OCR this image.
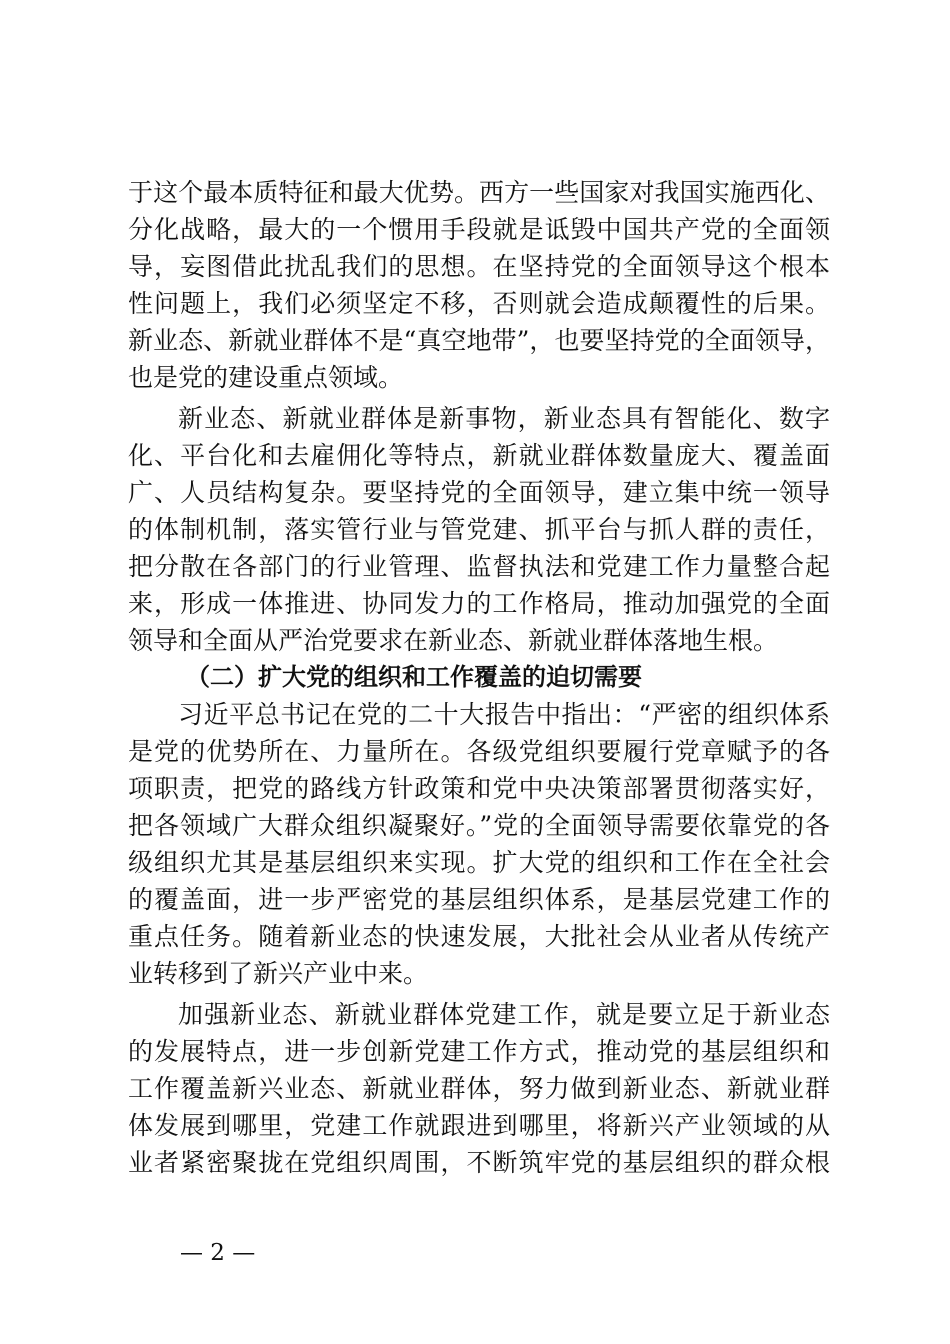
于这个最本质特征和最大优势。西方一些国家对我国实施西化、
分化战略，最大的一个惯用手段就是诋毁中国共产党的全面领
导，妄图借此扰乱我们的思想。在坚持党的全面领导这个根本
性问题上，我们必须坚定不移，否则就会造成颠覆性的后果。
新业态、新就业群体不是“真空地带”，也要坚持党的全面领导，
也是党的建设重点领域。
新业态、新就业群体是新事物，新业态具有智能化、数字
化、平台化和去雇佣化等特点，新就业群体数量庞大、覆盖面
广、人员结构复杂。要坚持党的全面领导，建立集中统一领导
的体制机制，落实管行业与管党建、抓平台与抓人群的责任，
把分散在各部门的行业管理、监督执法和党建工作力量整合起
来，形成一体推进、协同发力的工作格局，推动加强党的全面
领导和全面从严治党要求在新业态、新就业群体落地生根。
（二）扩大党的组织和工作覆盖的迫切需要
习近平总书记在党的二十大报告中指出：“严密的组织体系
是党的优势所在、力量所在。各级党组织要履行党章赋予的各
项职责，把党的路线方针政策和党中央决策部署贯彻落实好，
把各领域广大群众组织凝聚好。”党的全面领导需要依靠党的各
级组织尤其是基层组织来实现。扩大党的组织和工作在全社会
的覆盖面，进一步严密党的基层组织体系，是基层党建工作的
重点任务。随着新业态的快速发展，大批社会从业者从传统产
业转移到了新兴产业中来。
加强新业态、新就业群体党建工作，就是要立足于新业态
的发展特点，进一步创新党建工作方式，推动党的基层组织和
工作覆盖新兴业态、新就业群体，努力做到新业态、新就业群
体发展到哪里，党建工作就跟进到哪里，将新兴产业领域的从
业者紧密聚拢在党组织周围，不断筑牢党的基层组织的群众根
— 2 —
